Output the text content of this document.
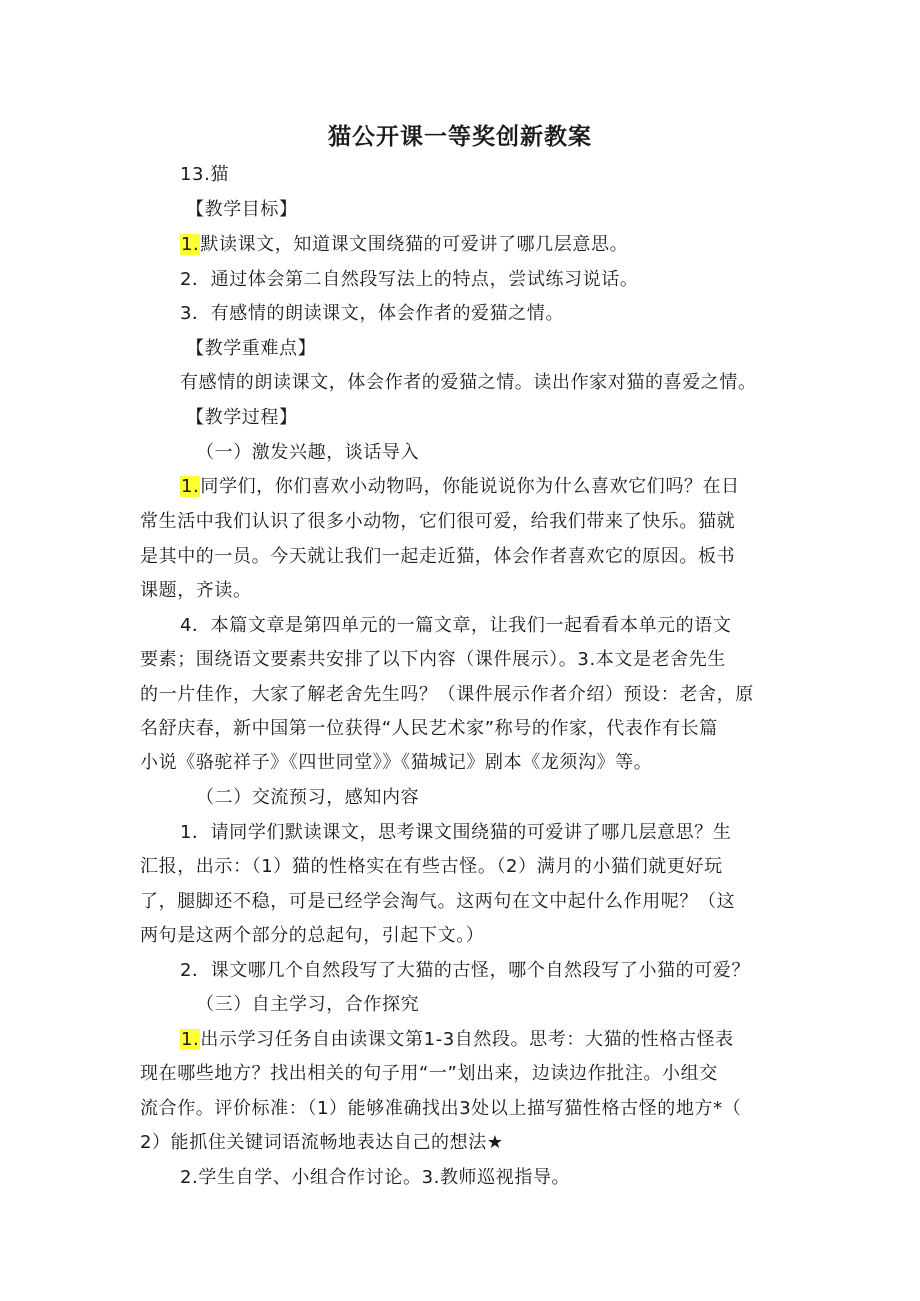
猫公开课一等奖创新教案
13.猫
【教学目标】
1.默读课文，知道课文围绕猫的可爱讲了哪几层意思。
2．通过体会第二自然段写法上的特点，尝试练习说话。
3．有感情的朗读课文，体会作者的爱猫之情。
【教学重难点】
有感情的朗读课文，体会作者的爱猫之情。读出作家对猫的喜爱之情。
【教学过程】
（一）激发兴趣，谈话导入
1.同学们，你们喜欢小动物吗，你能说说你为什么喜欢它们吗？在日
常生活中我们认识了很多小动物，它们很可爱，给我们带来了快乐。猫就
是其中的一员。今天就让我们一起走近猫，体会作者喜欢它的原因。板书
课题，齐读。
4．本篇文章是第四单元的一篇文章，让我们一起看看本单元的语文
要素；围绕语文要素共安排了以下内容（课件展示）。3.本文是老舍先生
的一片佳作，大家了解老舍先生吗？（课件展示作者介绍）预设：老舍，原
名舒庆春，新中国第一位获得“人民艺术家”称号的作家，代表作有长篇
小说《骆驼祥子》《四世同堂》》《猫城记》剧本《龙须沟》等。
（二）交流预习，感知内容
1．请同学们默读课文，思考课文围绕猫的可爱讲了哪几层意思？生
汇报，出示：（1）猫的性格实在有些古怪。（2）满月的小猫们就更好玩
了，腿脚还不稳，可是已经学会淘气。这两句在文中起什么作用呢？（这
两句是这两个部分的总起句，引起下文。）
2．课文哪几个自然段写了大猫的古怪，哪个自然段写了小猫的可爱？
（三）自主学习，合作探究
1.出示学习任务自由读课文第1-3自然段。思考：大猫的性格古怪表
现在哪些地方？找出相关的句子用“一”划出来，边读边作批注。小组交
流合作。评价标准：（1）能够准确找出3处以上描写猫性格古怪的地方*（
2）能抓住关键词语流畅地表达自己的想法★
2.学生自学、小组合作讨论。3.教师巡视指导。
